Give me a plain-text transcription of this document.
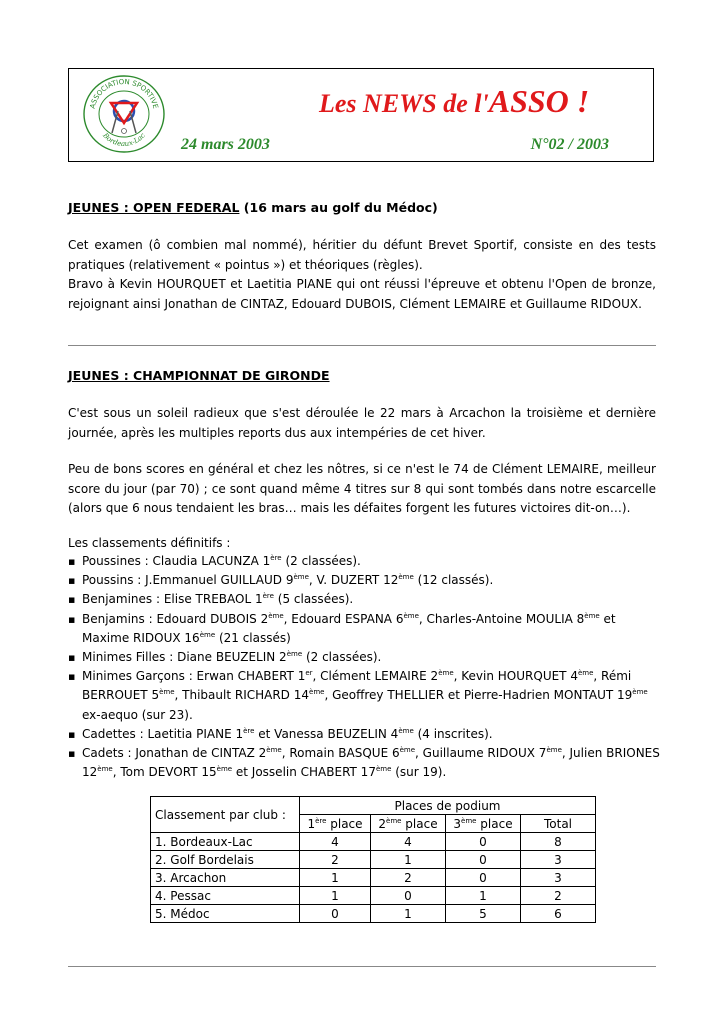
ASSOCIATION SPORTIVE
Bordeaux-Lac
Les NEWS de l'ASSO !
24 mars 2003	N°02 / 2003
JEUNES : OPEN FEDERAL (16 mars au golf du Médoc)
Cet examen (ô combien mal nommé), héritier du défunt Brevet Sportif, consiste en des tests pratiques (relativement « pointus ») et théoriques (règles).
Bravo à Kevin HOURQUET et Laetitia PIANE qui ont réussi l'épreuve et obtenu l'Open de bronze, rejoignant ainsi Jonathan de CINTAZ, Edouard DUBOIS, Clément LEMAIRE et Guillaume RIDOUX.
JEUNES : CHAMPIONNAT DE GIRONDE
C'est sous un soleil radieux que s'est déroulée le 22 mars à Arcachon la troisième et dernière journée, après les multiples reports dus aux intempéries de cet hiver.
Peu de bons scores en général et chez les nôtres, si ce n'est le 74 de Clément LEMAIRE, meilleur score du jour (par 70) ; ce sont quand même 4 titres sur 8 qui sont tombés dans notre escarcelle (alors que 6 nous tendaient les bras… mais les défaites forgent les futures victoires dit-on…).
Les classements définitifs :
▪ Poussines : Claudia LACUNZA 1ère (2 classées).
▪ Poussins : J.Emmanuel GUILLAUD 9ème, V. DUZERT 12ème (12 classés).
▪ Benjamines : Elise TREBAOL 1ère (5 classées).
▪ Benjamins : Edouard DUBOIS 2ème, Edouard ESPANA 6ème, Charles-Antoine MOULIA 8ème et Maxime RIDOUX 16ème (21 classés)
▪ Minimes Filles : Diane BEUZELIN 2ème (2 classées).
▪ Minimes Garçons : Erwan CHABERT 1er, Clément LEMAIRE 2ème, Kevin HOURQUET 4ème, Rémi BERROUET 5ème, Thibault RICHARD 14ème, Geoffrey THELLIER et Pierre-Hadrien MONTAUT 19ème ex-aequo (sur 23).
▪ Cadettes : Laetitia PIANE 1ère et Vanessa BEUZELIN 4ème (4 inscrites).
▪ Cadets : Jonathan de CINTAZ 2ème, Romain BASQUE 6ème, Guillaume RIDOUX 7ème, Julien BRIONES 12ème, Tom DEVORT 15ème et Josselin CHABERT 17ème (sur 19).
Classement par club :	Places de podium			
	1ère place	2ème place	3ème place	Total
1. Bordeaux-Lac	4	4	0	8
2. Golf Bordelais	2	1	0	3
3. Arcachon	1	2	0	3
4. Pessac	1	0	1	2
5. Médoc	0	1	5	6
